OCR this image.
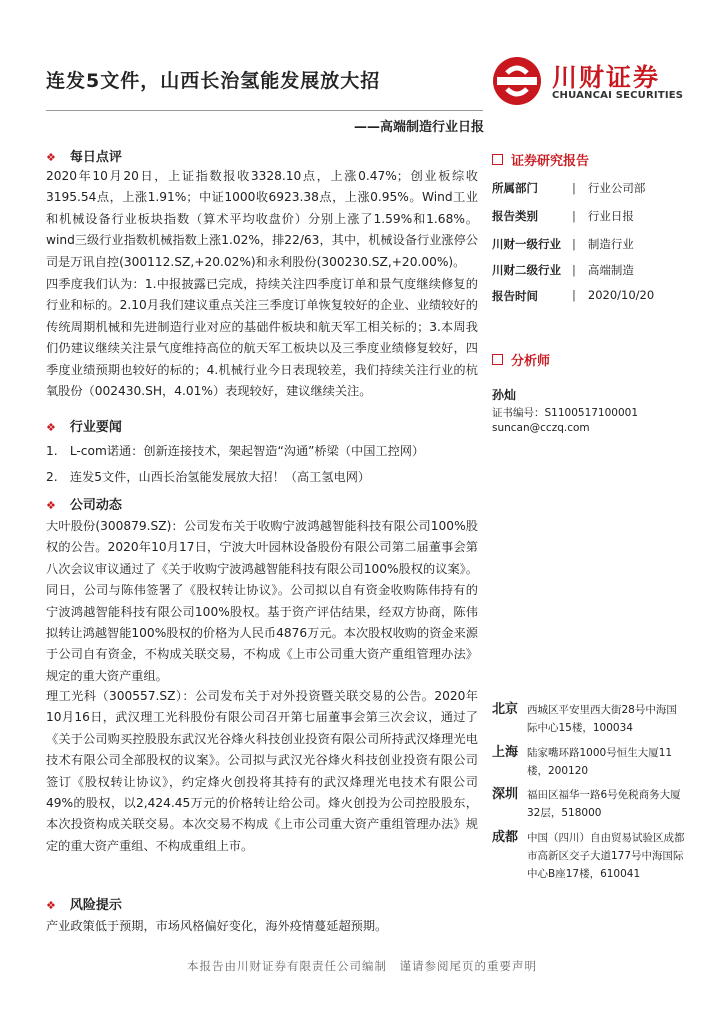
连发5文件，山西长治氢能发展放大招	川财证券
CHUANCAI SECURITIES
——高端制造行业日报
❖ 每日点评
2020年10月20日，上证指数报收3328.10点，上涨0.47%；创业板综收3195.54点，上涨1.91%；中证1000收6923.38点，上涨0.95%。Wind工业和机械设备行业板块指数（算术平均收盘价）分别上涨了1.59%和1.68%。wind三级行业指数机械指数上涨1.02%，排22/63，其中，机械设备行业涨停公司是万讯自控(300112.SZ,+20.02%)和永利股份(300230.SZ,+20.00%)。
四季度我们认为：1.中报披露已完成，持续关注四季度订单和景气度继续修复的行业和标的。2.10月我们建议重点关注三季度订单恢复较好的企业、业绩较好的传统周期机械和先进制造行业对应的基础件板块和航天军工相关标的；3.本周我们仍建议继续关注景气度维持高位的航天军工板块以及三季度业绩修复较好，四季度业绩预期也较好的标的；4.机械行业今日表现较差，我们持续关注行业的杭氧股份（002430.SH，4.01%）表现较好，建议继续关注。
❖ 行业要闻
1.　L-com诺通：创新连接技术，架起智造“沟通”桥梁（中国工控网）
2.　连发5文件，山西长治氢能发展放大招！（高工氢电网）
❖ 公司动态
大叶股份(300879.SZ)：公司发布关于收购宁波鸿越智能科技有限公司100%股权的公告。2020年10月17日，宁波大叶园林设备股份有限公司第二届董事会第八次会议审议通过了《关于收购宁波鸿越智能科技有限公司100%股权的议案》。同日，公司与陈伟签署了《股权转让协议》。公司拟以自有资金收购陈伟持有的宁波鸿越智能科技有限公司100%股权。基于资产评估结果，经双方协商，陈伟拟转让鸿越智能100%股权的价格为人民币4876万元。本次股权收购的资金来源于公司自有资金，不构成关联交易，不构成《上市公司重大资产重组管理办法》规定的重大资产重组。
理工光科（300557.SZ）：公司发布关于对外投资暨关联交易的公告。2020年10月16日，武汉理工光科股份有限公司召开第七届董事会第三次会议，通过了《关于公司购买控股股东武汉光谷烽火科技创业投资有限公司所持武汉烽理光电技术有限公司全部股权的议案》。公司拟与武汉光谷烽火科技创业投资有限公司签订《股权转让协议》，约定烽火创投将其持有的武汉烽理光电技术有限公司49%的股权，以2,424.45万元的价格转让给公司。烽火创投为公司控股股东，本次投资构成关联交易。本次交易不构成《上市公司重大资产重组管理办法》规定的重大资产重组、不构成重组上市。
❖ 风险提示
产业政策低于预期，市场风格偏好变化，海外疫情蔓延超预期。
证券研究报告
所属部门	| 行业公司部
报告类别	| 行业日报
川财一级行业	| 制造行业
川财二级行业	| 高端制造
报告时间	| 2020/10/20
分析师
孙灿
证书编号：S1100517100001
suncan@cczq.com
北京 西城区平安里西大街28号中海国际中心15楼，100034
上海 陆家嘴环路1000号恒生大厦11楼，200120
深圳 福田区福华一路6号免税商务大厦32层，518000
成都 中国（四川）自由贸易试验区成都市高新区交子大道177号中海国际中心B座17楼，610041
本报告由川财证券有限责任公司编制　谨请参阅尾页的重要声明
